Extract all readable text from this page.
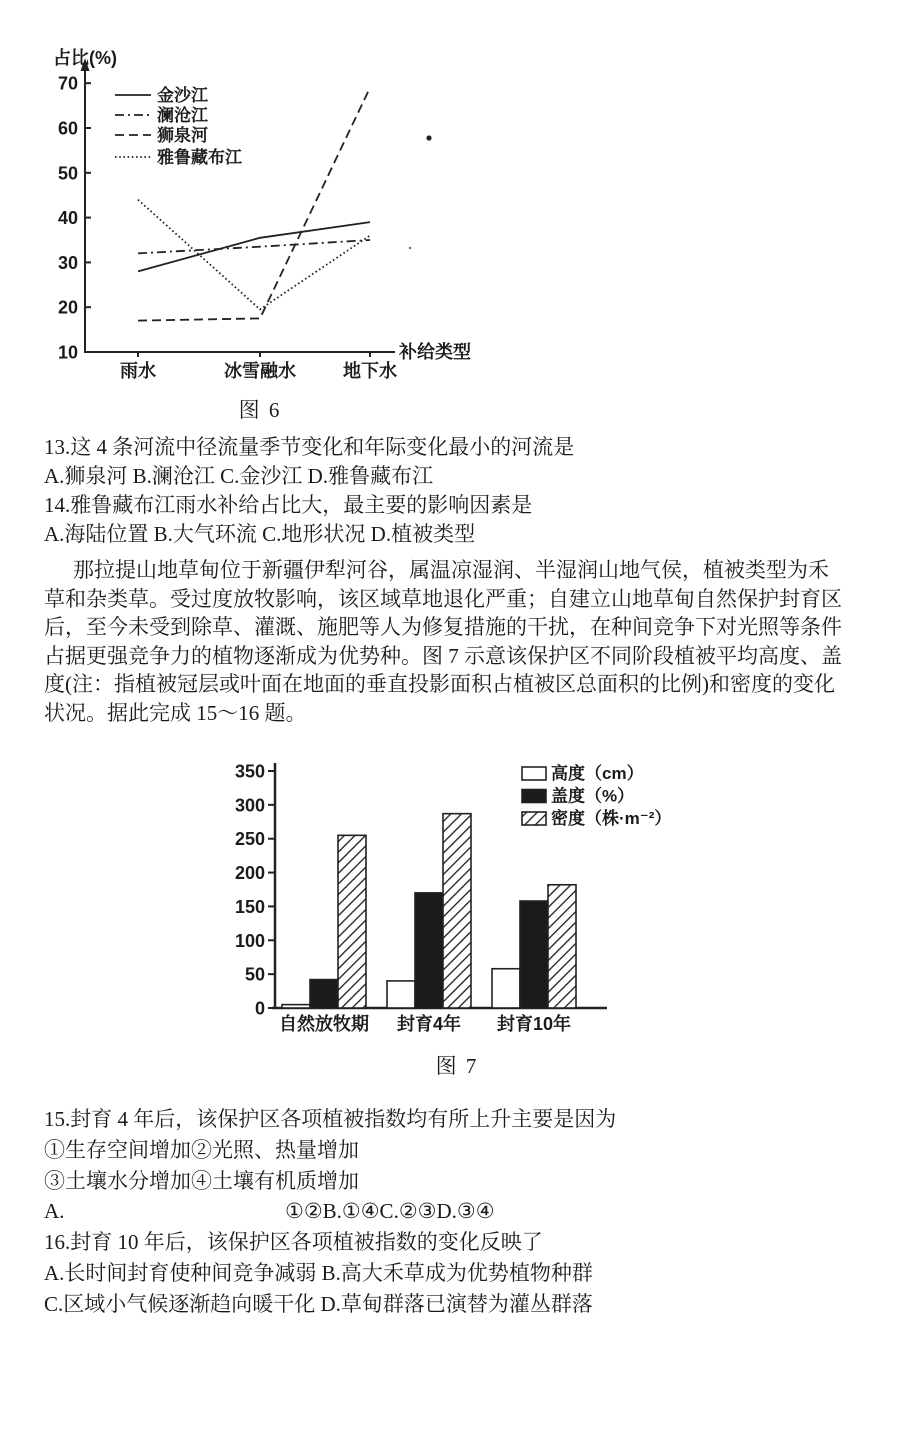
占比(%)
补给类型
10
20
30
40
50
60
70
雨水	冰雪融水	地下水
金沙江
澜沧江
狮泉河
雅鲁藏布江
图 6
13.这 4 条河流中径流量季节变化和年际变化最小的河流是
A.狮泉河 B.澜沧江 C.金沙江 D.雅鲁藏布江
14.雅鲁藏布江雨水补给占比大，最主要的影响因素是
A.海陆位置 B.大气环流 C.地形状况 D.植被类型
那拉提山地草甸位于新疆伊犁河谷，属温凉湿润、半湿润山地气侯，植被类型为禾
草和杂类草。受过度放牧影响，该区域草地退化严重；自建立山地草甸自然保护封育区
后，至今未受到除草、灌溉、施肥等人为修复措施的干扰，在种间竞争下对光照等条件
占据更强竞争力的植物逐渐成为优势种。图 7 示意该保护区不同阶段植被平均高度、盖
度(注：指植被冠层或叶面在地面的垂直投影面积占植被区总面积的比例)和密度的变化
状况。据此完成 15～16 题。
0
50
100
150
200
250
300
350
自然放牧期 封育4年 封育10年
高度（cm）
盖度（%）
密度（株·m⁻²）
图 7
15.封育 4 年后，该保护区各项植被指数均有所上升主要是因为
①生存空间增加②光照、热量增加
③土壤水分增加④土壤有机质增加
A.	①②B.①④C.②③D.③④
16.封育 10 年后，该保护区各项植被指数的变化反映了
A.长时间封育使种间竞争减弱 B.高大禾草成为优势植物种群
C.区域小气候逐渐趋向暖干化 D.草甸群落已演替为灌丛群落
